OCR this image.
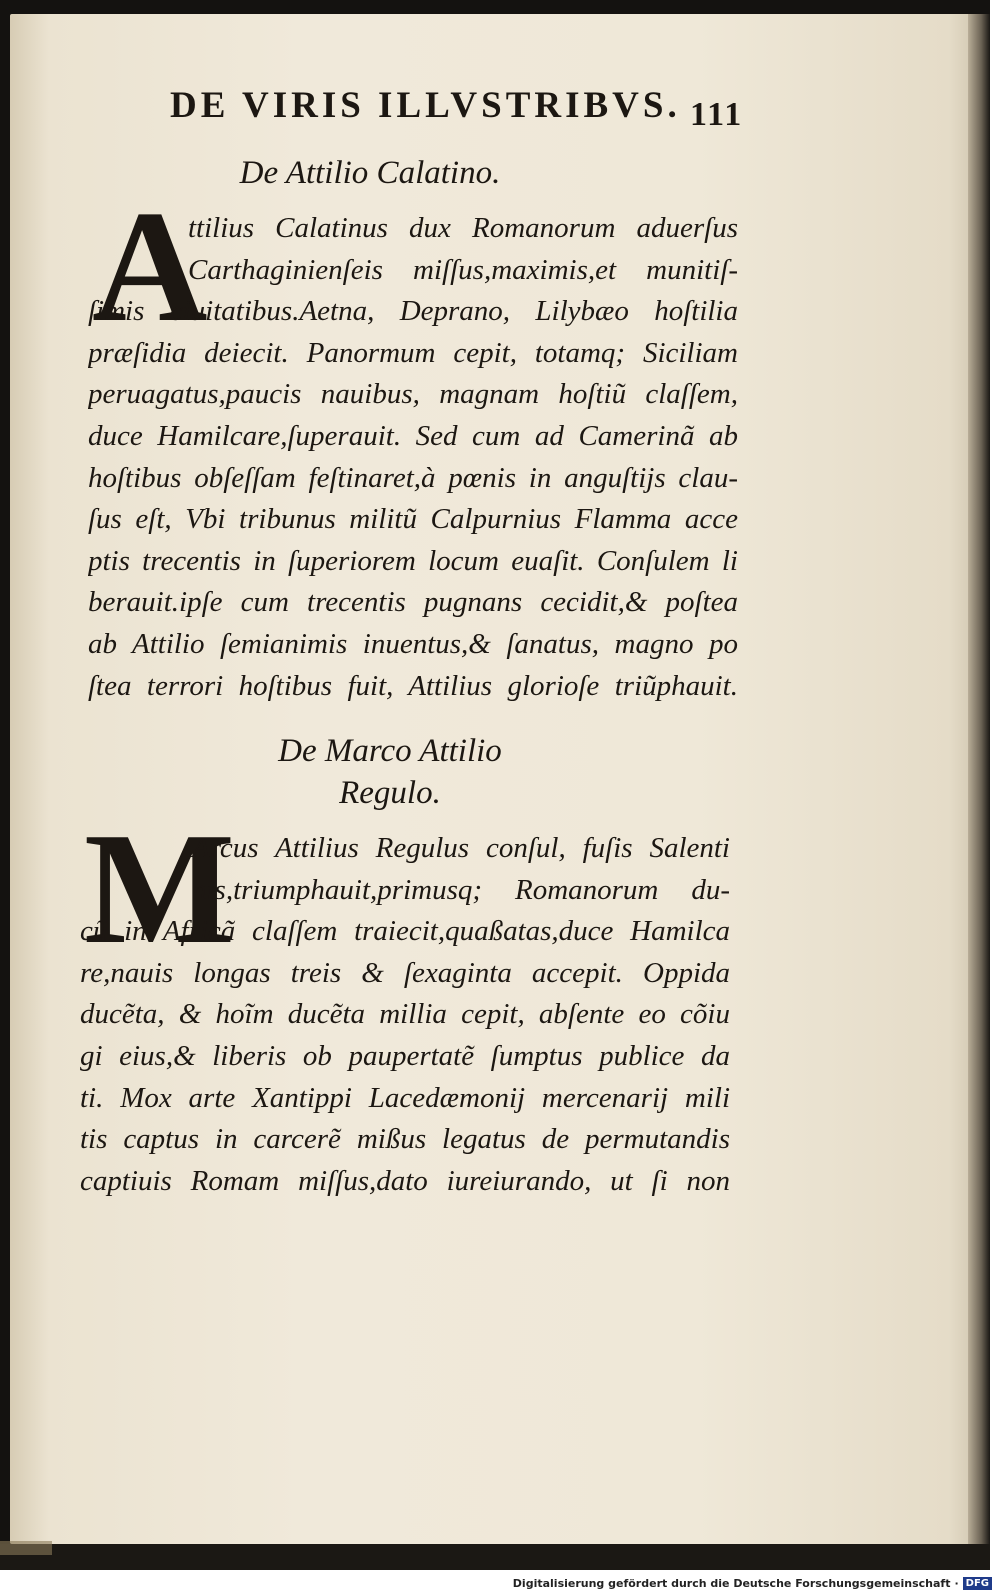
DE VIRIS ILLVSTRIBVS. 111
De Attilio Calatino.
A
ttilius Calatinus dux Romanorum aduerſus
Carthaginienſeis miſſus,maximis,et munitiſ-
ſimis ciuitatibus.Aetna, Deprano, Lilybæo hoſtilia
præſidia deiecit. Panormum cepit, totamq; Siciliam
peruagatus,paucis nauibus, magnam hoſtiũ claſſem,
duce Hamilcare,ſuperauit. Sed cum ad Camerinã ab
hoſtibus obſeſſam feſtinaret,à pœnis in anguſtijs clau-
ſus eſt, Vbi tribunus militũ Calpurnius Flamma acce
ptis trecentis in ſuperiorem locum euaſit. Conſulem li
berauit.ipſe cum trecentis pugnans cecidit,& poſtea
ab Attilio ſemianimis inuentus,& ſanatus, magno po
ſtea terrori hoſtibus fuit, Attilius glorioſe triũphauit.
De Marco Attilio
Regulo.
M
Arcus Attilius Regulus conſul, fuſis Salenti
nis,triumphauit,primusq; Romanorum du-
cũ in Africã claſſem traiecit,quaßatas,duce Hamilca
re,nauis longas treis & ſexaginta accepit. Oppida
ducẽta, & hoĩm ducẽta millia cepit, abſente eo cõiu
gi eius,& liberis ob paupertatẽ ſumptus publice da
ti. Mox arte Xantippi Lacedæmonij mercenarij mili
tis captus in carcerẽ mißus legatus de permutandis
captiuis Romam miſſus,dato iureiurando, ut ſi non
Digitalisierung gefördert durch die Deutsche Forschungsgemeinschaft · DFG
